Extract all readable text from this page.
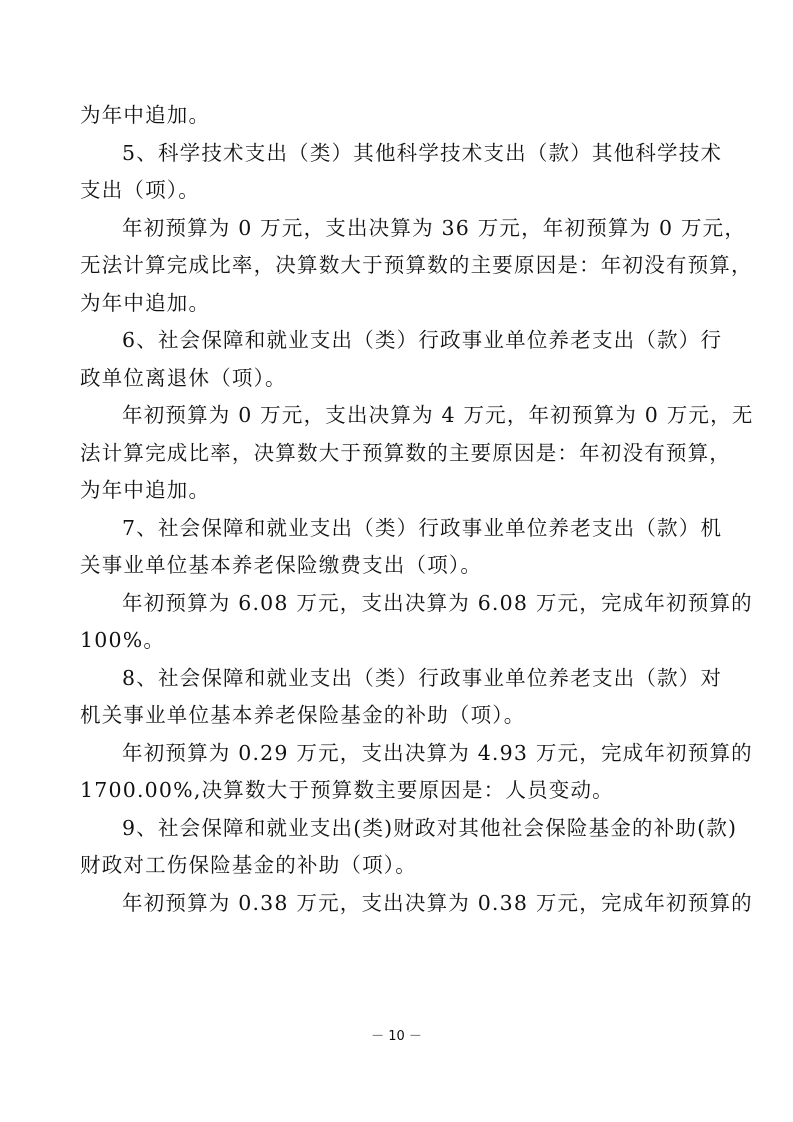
为年中追加。
5、科学技术支出（类）其他科学技术支出（款）其他科学技术
支出（项）。
年初预算为 0 万元，支出决算为 36 万元，年初预算为 0 万元，
无法计算完成比率，决算数大于预算数的主要原因是：年初没有预算，
为年中追加。
6、社会保障和就业支出（类）行政事业单位养老支出（款）行
政单位离退休（项）。
年初预算为 0 万元，支出决算为 4 万元，年初预算为 0 万元，无
法计算完成比率，决算数大于预算数的主要原因是：年初没有预算，
为年中追加。
7、社会保障和就业支出（类）行政事业单位养老支出（款）机
关事业单位基本养老保险缴费支出（项）。
年初预算为 6.08 万元，支出决算为 6.08 万元，完成年初预算的
100%。
8、社会保障和就业支出（类）行政事业单位养老支出（款）对
机关事业单位基本养老保险基金的补助（项）。
年初预算为 0.29 万元，支出决算为 4.93 万元，完成年初预算的
1700.00%,决算数大于预算数主要原因是：人员变动。
9、社会保障和就业支出(类)财政对其他社会保险基金的补助(款)
财政对工伤保险基金的补助（项）。
年初预算为 0.38 万元，支出决算为 0.38 万元，完成年初预算的
－ 10 －
